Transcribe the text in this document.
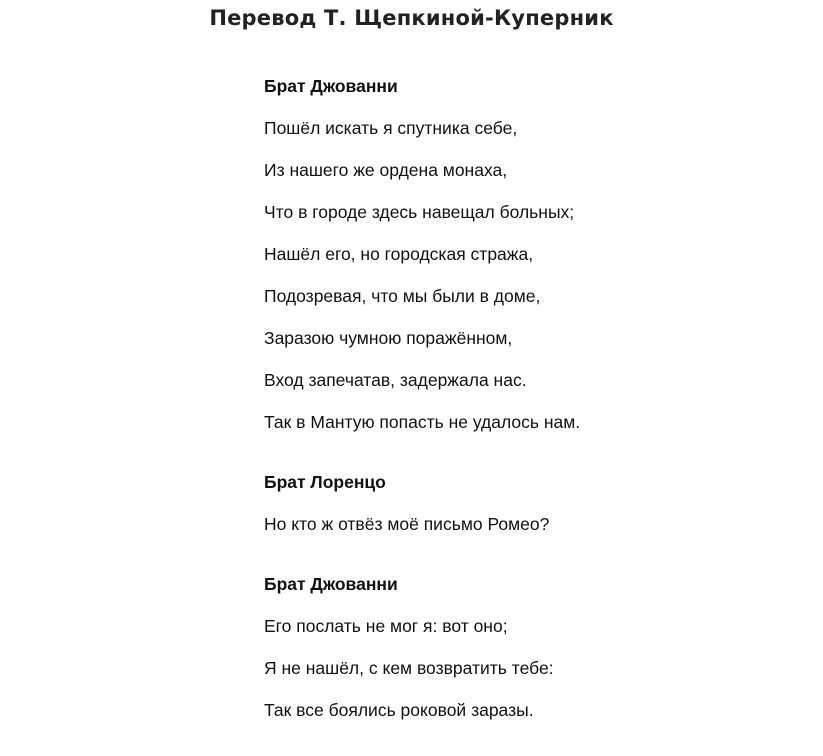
Перевод Т. Щепкиной-Куперник
Брат Джованни
Пошёл искать я спутника себе,
Из нашего же ордена монаха,
Что в городе здесь навещал больных;
Нашёл его, но городская стража,
Подозревая, что мы были в доме,
Заразою чумною поражённом,
Вход запечатав, задержала нас.
Так в Мантую попасть не удалось нам.
Брат Лоренцо
Но кто ж отвёз моё письмо Ромео?
Брат Джованни
Его послать не мог я: вот оно;
Я не нашёл, с кем возвратить тебе:
Так все боялись роковой заразы.
